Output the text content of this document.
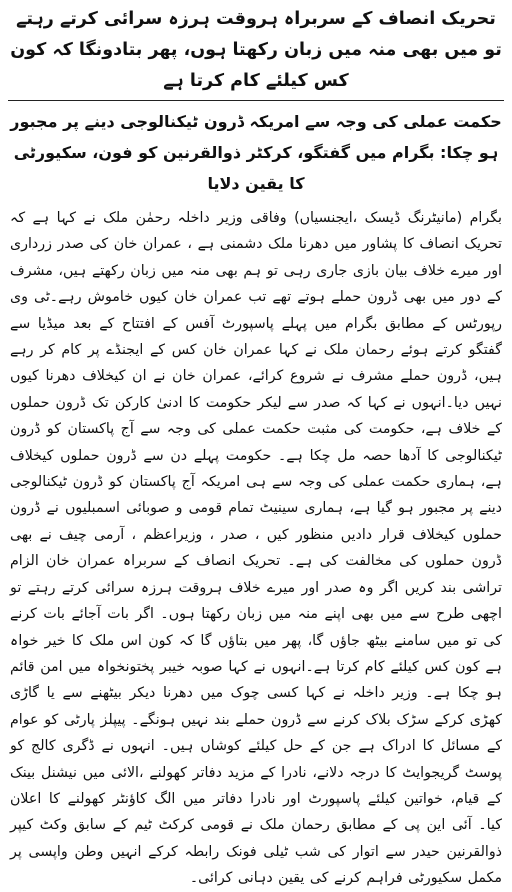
تحریک انصاف کے سربراہ ہروقت ہرزہ سرائی کرتے رہتے تو میں بھی منہ میں زبان رکھتا ہوں، پھر بتادونگا کہ کون کس کیلئے کام کرتا ہے
حکمت عملی کی وجہ سے امریکہ ڈرون ٹیکنالوجی دینے پر مجبور ہو چکا: بگرام میں گفتگو، کرکٹر ذوالقرنین کو فون، سکیورٹی کا یقین دلایا

بگرام (مانیٹرنگ ڈیسک ،ایجنسیاں) وفاقی وزیر داخلہ رحمٰن ملک نے کہا ہے کہ تحریک انصاف کا پشاور میں دھرنا ملک دشمنی ہے ، عمران خان کی صدر زرداری اور میرے خلاف بیان بازی جاری رہی تو ہم بھی منہ میں زبان رکھتے ہیں، مشرف کے دور میں بھی ڈرون حملے ہوتے تھے تب عمران خان کیوں خاموش رہے۔ٹی وی رپورٹس کے مطابق بگرام میں پہلے پاسپورٹ آفس کے افتتاح کے بعد میڈیا سے گفتگو کرتے ہوئے رحمان ملک نے کہا عمران خان کس کے ایجنڈے پر کام کر رہے ہیں، ڈرون حملے مشرف نے شروع کرائے، عمران خان نے ان کیخلاف دھرنا کیوں نہیں دیا۔انہوں نے کہا کہ صدر سے لیکر حکومت کا ادنیٰ کارکن تک ڈرون حملوں کے خلاف ہے، حکومت کی مثبت حکمت عملی کی وجہ سے آج پاکستان کو ڈرون ٹیکنالوجی کا آدھا حصہ مل چکا ہے۔ حکومت پہلے دن سے ڈرون حملوں کیخلاف ہے، ہماری حکمت عملی کی وجہ سے ہی امریکہ آج پاکستان کو ڈرون ٹیکنالوجی دینے پر مجبور ہو گیا ہے، ہماری سینیٹ تمام قومی و صوبائی اسمبلیوں نے ڈرون حملوں کیخلاف قرار دادیں منظور کیں ، صدر ، وزیراعظم ، آرمی چیف نے بھی ڈرون حملوں کی مخالفت کی ہے۔ تحریک انصاف کے سربراہ عمران خان الزام تراشی بند کریں اگر وہ صدر اور میرے خلاف ہروقت ہرزہ سرائی کرتے رہتے تو اچھی طرح سے میں بھی اپنے منہ میں زبان رکھتا ہوں۔ اگر بات آجائے بات کرنے کی تو میں سامنے بیٹھ جاؤں گا، پھر میں بتاؤں گا کہ کون اس ملک کا خیر خواہ ہے کون کس کیلئے کام کرتا ہے۔انہوں نے کہا صوبہ خیبر پختونخواہ میں امن قائم ہو چکا ہے۔ وزیر داخلہ نے کہا کسی چوک میں دھرنا دیکر بیٹھنے سے یا گاڑی کھڑی کرکے سڑک بلاک کرنے سے ڈرون حملے بند نہیں ہونگے۔ پیپلز پارٹی کو عوام کے مسائل کا ادراک ہے جن کے حل کیلئے کوشاں ہیں۔ انہوں نے ڈگری کالج کو پوسٹ گریجوایٹ کا درجہ دلانے، نادرا کے مزید دفاتر کھولنے ،الائی میں نیشنل بینک کے قیام، خواتین کیلئے پاسپورٹ اور نادرا دفاتر میں الگ کاؤنٹر کھولنے کا اعلان کیا۔ آئی این پی کے مطابق رحمان ملک نے قومی کرکٹ ٹیم کے سابق وکٹ کیپر ذوالقرنین حیدر سے اتوار کی شب ٹیلی فونک رابطہ کرکے انہیں وطن واپسی پر مکمل سکیورٹی فراہم کرنے کی یقین دہانی کرائی۔
